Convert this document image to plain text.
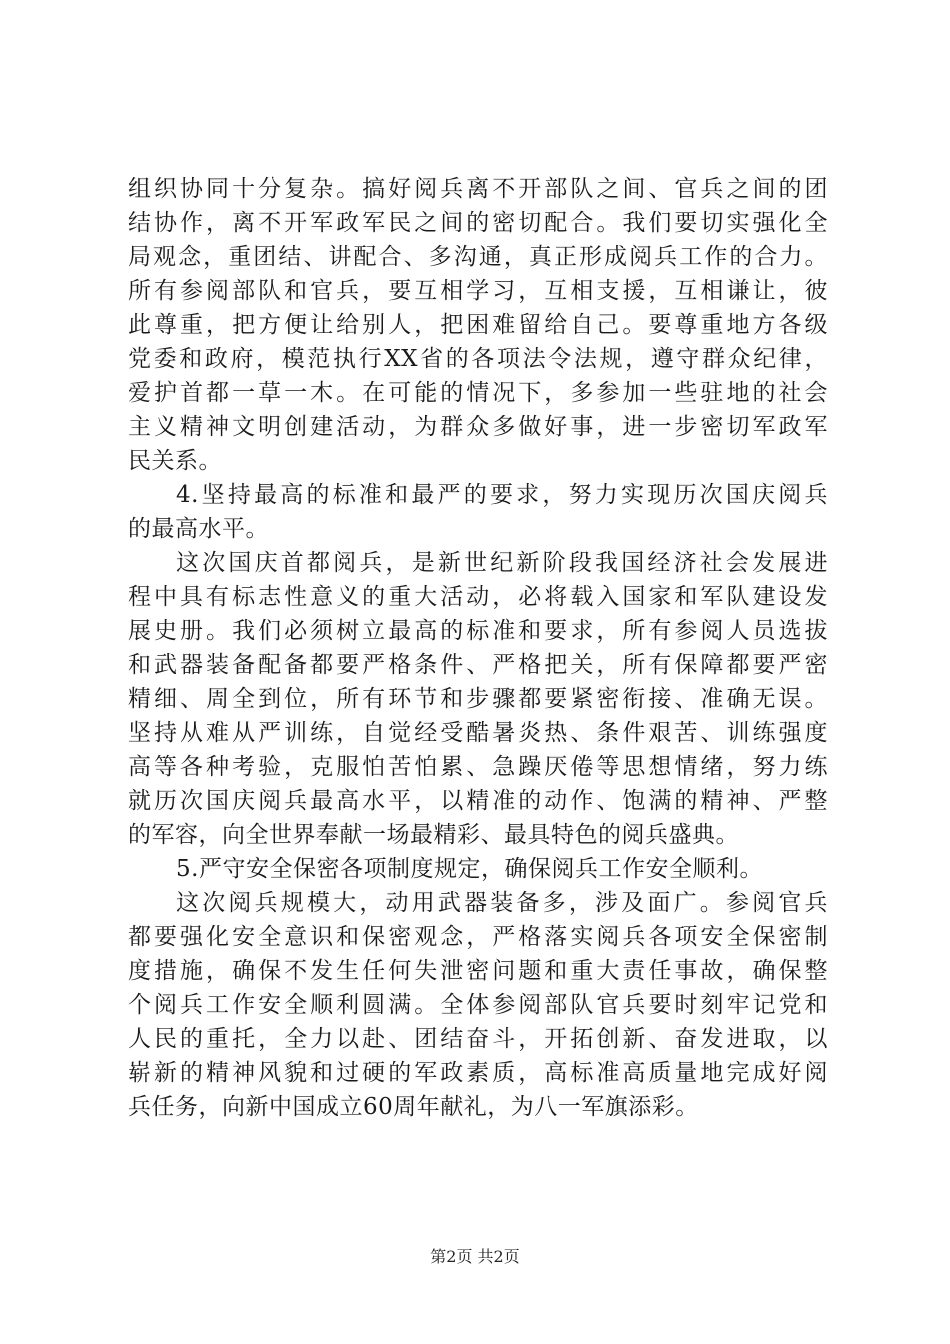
组织协同十分复杂。搞好阅兵离不开部队之间、官兵之间的团
结协作，离不开军政军民之间的密切配合。我们要切实强化全
局观念，重团结、讲配合、多沟通，真正形成阅兵工作的合力。
所有参阅部队和官兵，要互相学习，互相支援，互相谦让，彼
此尊重，把方便让给别人，把困难留给自己。要尊重地方各级
党委和政府，模范执行XX省的各项法令法规，遵守群众纪律，
爱护首都一草一木。在可能的情况下，多参加一些驻地的社会
主义精神文明创建活动，为群众多做好事，进一步密切军政军
民关系。
4.坚持最高的标准和最严的要求，努力实现历次国庆阅兵
的最高水平。
这次国庆首都阅兵，是新世纪新阶段我国经济社会发展进
程中具有标志性意义的重大活动，必将载入国家和军队建设发
展史册。我们必须树立最高的标准和要求，所有参阅人员选拔
和武器装备配备都要严格条件、严格把关，所有保障都要严密
精细、周全到位，所有环节和步骤都要紧密衔接、准确无误。
坚持从难从严训练，自觉经受酷暑炎热、条件艰苦、训练强度
高等各种考验，克服怕苦怕累、急躁厌倦等思想情绪，努力练
就历次国庆阅兵最高水平，以精准的动作、饱满的精神、严整
的军容，向全世界奉献一场最精彩、最具特色的阅兵盛典。
5.严守安全保密各项制度规定，确保阅兵工作安全顺利。
这次阅兵规模大，动用武器装备多，涉及面广。参阅官兵
都要强化安全意识和保密观念，严格落实阅兵各项安全保密制
度措施，确保不发生任何失泄密问题和重大责任事故，确保整
个阅兵工作安全顺利圆满。全体参阅部队官兵要时刻牢记党和
人民的重托，全力以赴、团结奋斗，开拓创新、奋发进取，以
崭新的精神风貌和过硬的军政素质，高标准高质量地完成好阅
兵任务，向新中国成立60周年献礼，为八一军旗添彩。
第2页 共2页
